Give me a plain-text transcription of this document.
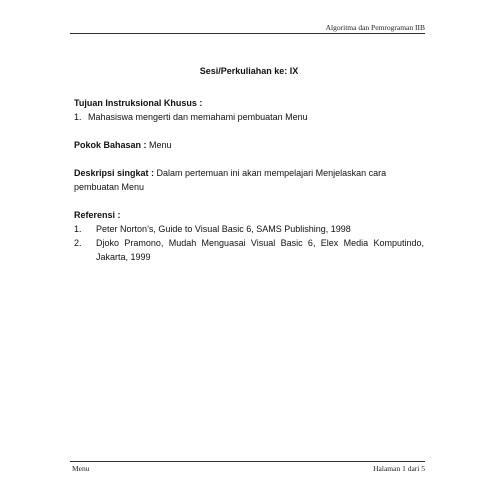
Algoritma dan Pemrograman IIB
Sesi/Perkuliahan ke: IX
Tujuan Instruksional Khusus :
1. Mahasiswa mengerti dan memahami pembuatan Menu
Pokok Bahasan : Menu
Deskripsi singkat : Dalam pertemuan ini akan mempelajari Menjelaskan cara
pembuatan Menu
Referensi :
1.	Peter Norton’s, Guide to Visual Basic 6, SAMS Publishing, 1998
2.	Djoko Pramono, Mudah Menguasai Visual Basic 6, Elex Media Komputindo, Jakarta, 1999
Menu	Halaman 1 dari 5
